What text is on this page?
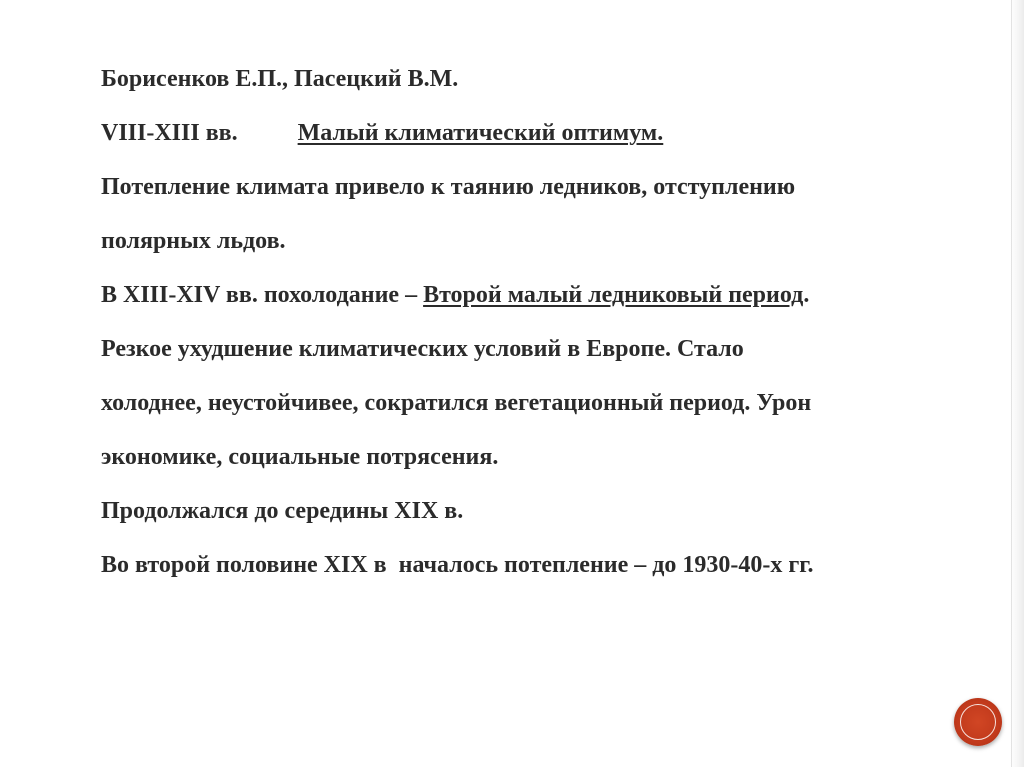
Борисенков Е.П., Пасецкий В.М.

VIII-XIII вв.	Малый климатический оптимум.

Потепление климата привело к таянию ледников, отступлению

полярных льдов.

В XIII-XIV вв. похолодание – Второй малый ледниковый период.

Резкое ухудшение климатических условий в Европе. Стало

холоднее, неустойчивее, сократился вегетационный период. Урон

экономике, социальные потрясения.

Продолжался до середины XIX в.

Во второй половине XIX в  началось потепление – до 1930-40-х гг.
